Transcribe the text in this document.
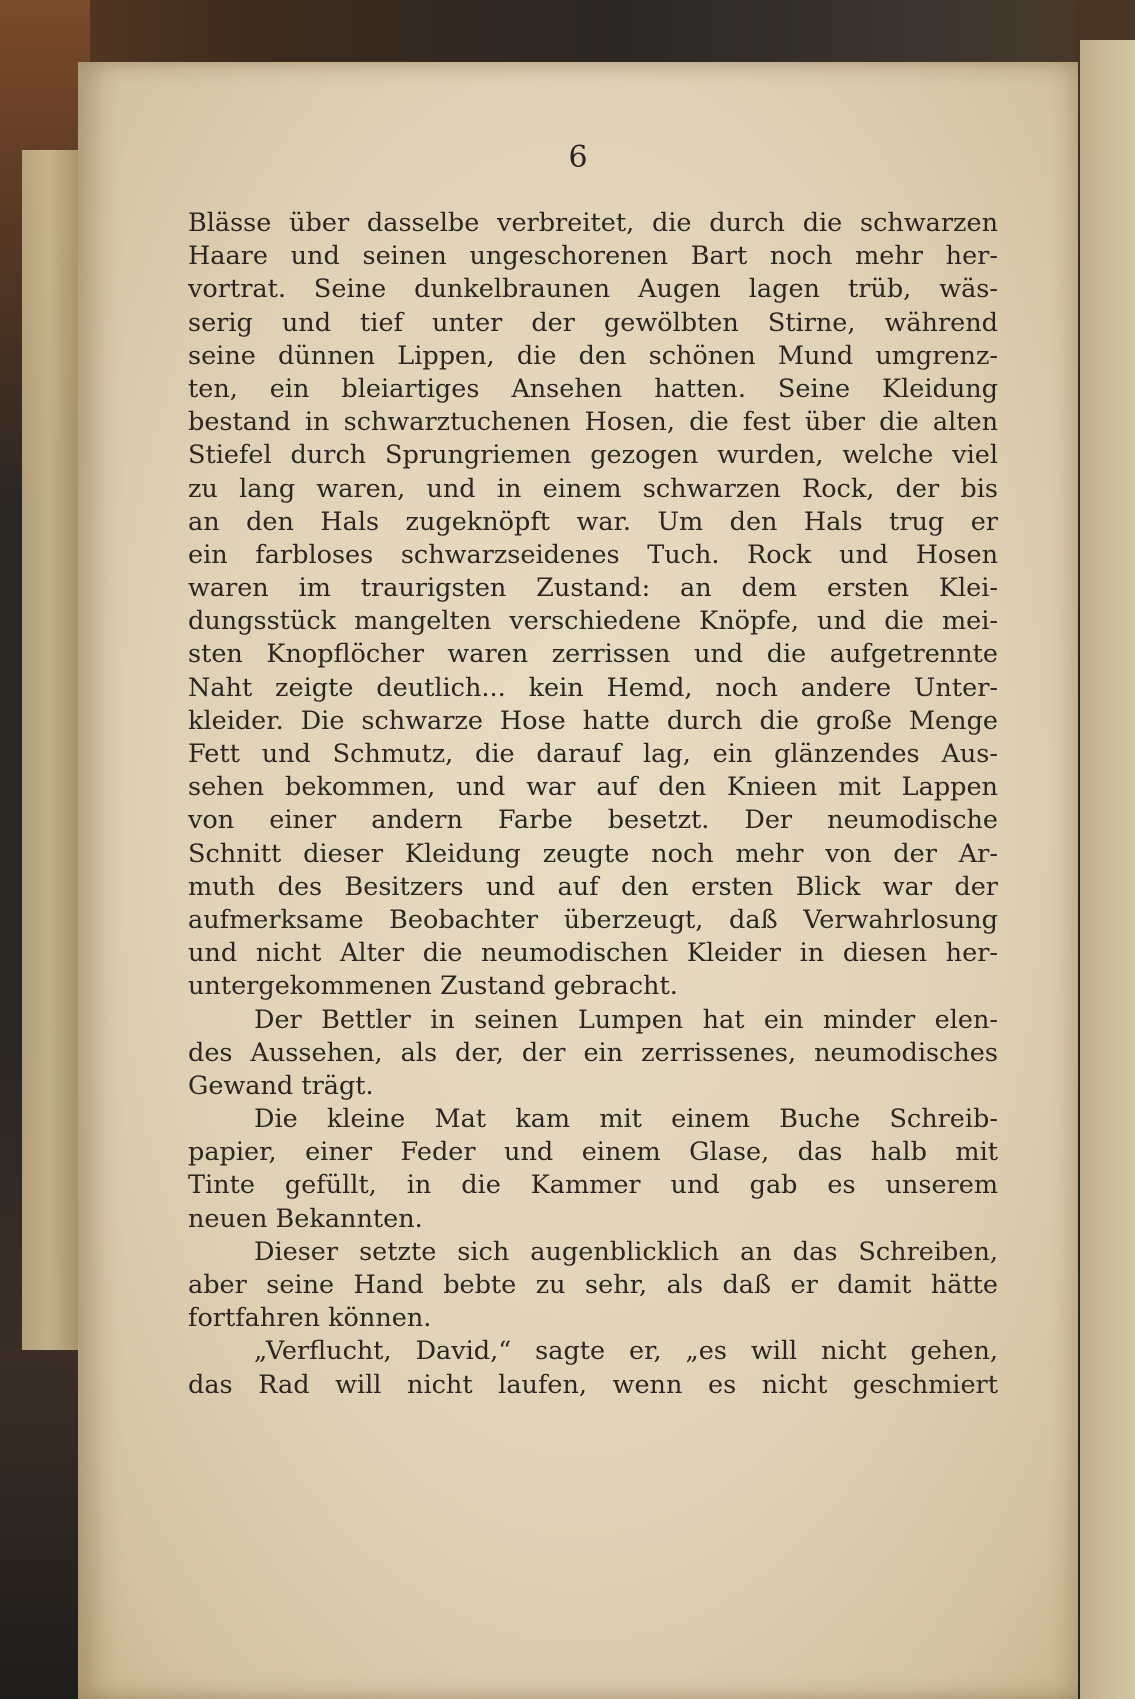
6
Blässe über dasselbe verbreitet, die durch die schwarzen
Haare und seinen ungeschorenen Bart noch mehr her-
vortrat. Seine dunkelbraunen Augen lagen trüb, wäs-
serig und tief unter der gewölbten Stirne, während
seine dünnen Lippen, die den schönen Mund umgrenz-
ten, ein bleiartiges Ansehen hatten. Seine Kleidung
bestand in schwarztuchenen Hosen, die fest über die alten
Stiefel durch Sprungriemen gezogen wurden, welche viel
zu lang waren, und in einem schwarzen Rock, der bis
an den Hals zugeknöpft war. Um den Hals trug er
ein farbloses schwarzseidenes Tuch. Rock und Hosen
waren im traurigsten Zustand: an dem ersten Klei-
dungsstück mangelten verschiedene Knöpfe, und die mei-
sten Knopflöcher waren zerrissen und die aufgetrennte
Naht zeigte deutlich... kein Hemd, noch andere Unter-
kleider. Die schwarze Hose hatte durch die große Menge
Fett und Schmutz, die darauf lag, ein glänzendes Aus-
sehen bekommen, und war auf den Knieen mit Lappen
von einer andern Farbe besetzt. Der neumodische
Schnitt dieser Kleidung zeugte noch mehr von der Ar-
muth des Besitzers und auf den ersten Blick war der
aufmerksame Beobachter überzeugt, daß Verwahrlosung
und nicht Alter die neumodischen Kleider in diesen her-
untergekommenen Zustand gebracht.
Der Bettler in seinen Lumpen hat ein minder elen-
des Aussehen, als der, der ein zerrissenes, neumodisches
Gewand trägt.
Die kleine Mat kam mit einem Buche Schreib-
papier, einer Feder und einem Glase, das halb mit
Tinte gefüllt, in die Kammer und gab es unserem
neuen Bekannten.
Dieser setzte sich augenblicklich an das Schreiben,
aber seine Hand bebte zu sehr, als daß er damit hätte
fortfahren können.
„Verflucht, David,“ sagte er, „es will nicht gehen,
das Rad will nicht laufen, wenn es nicht geschmiert
